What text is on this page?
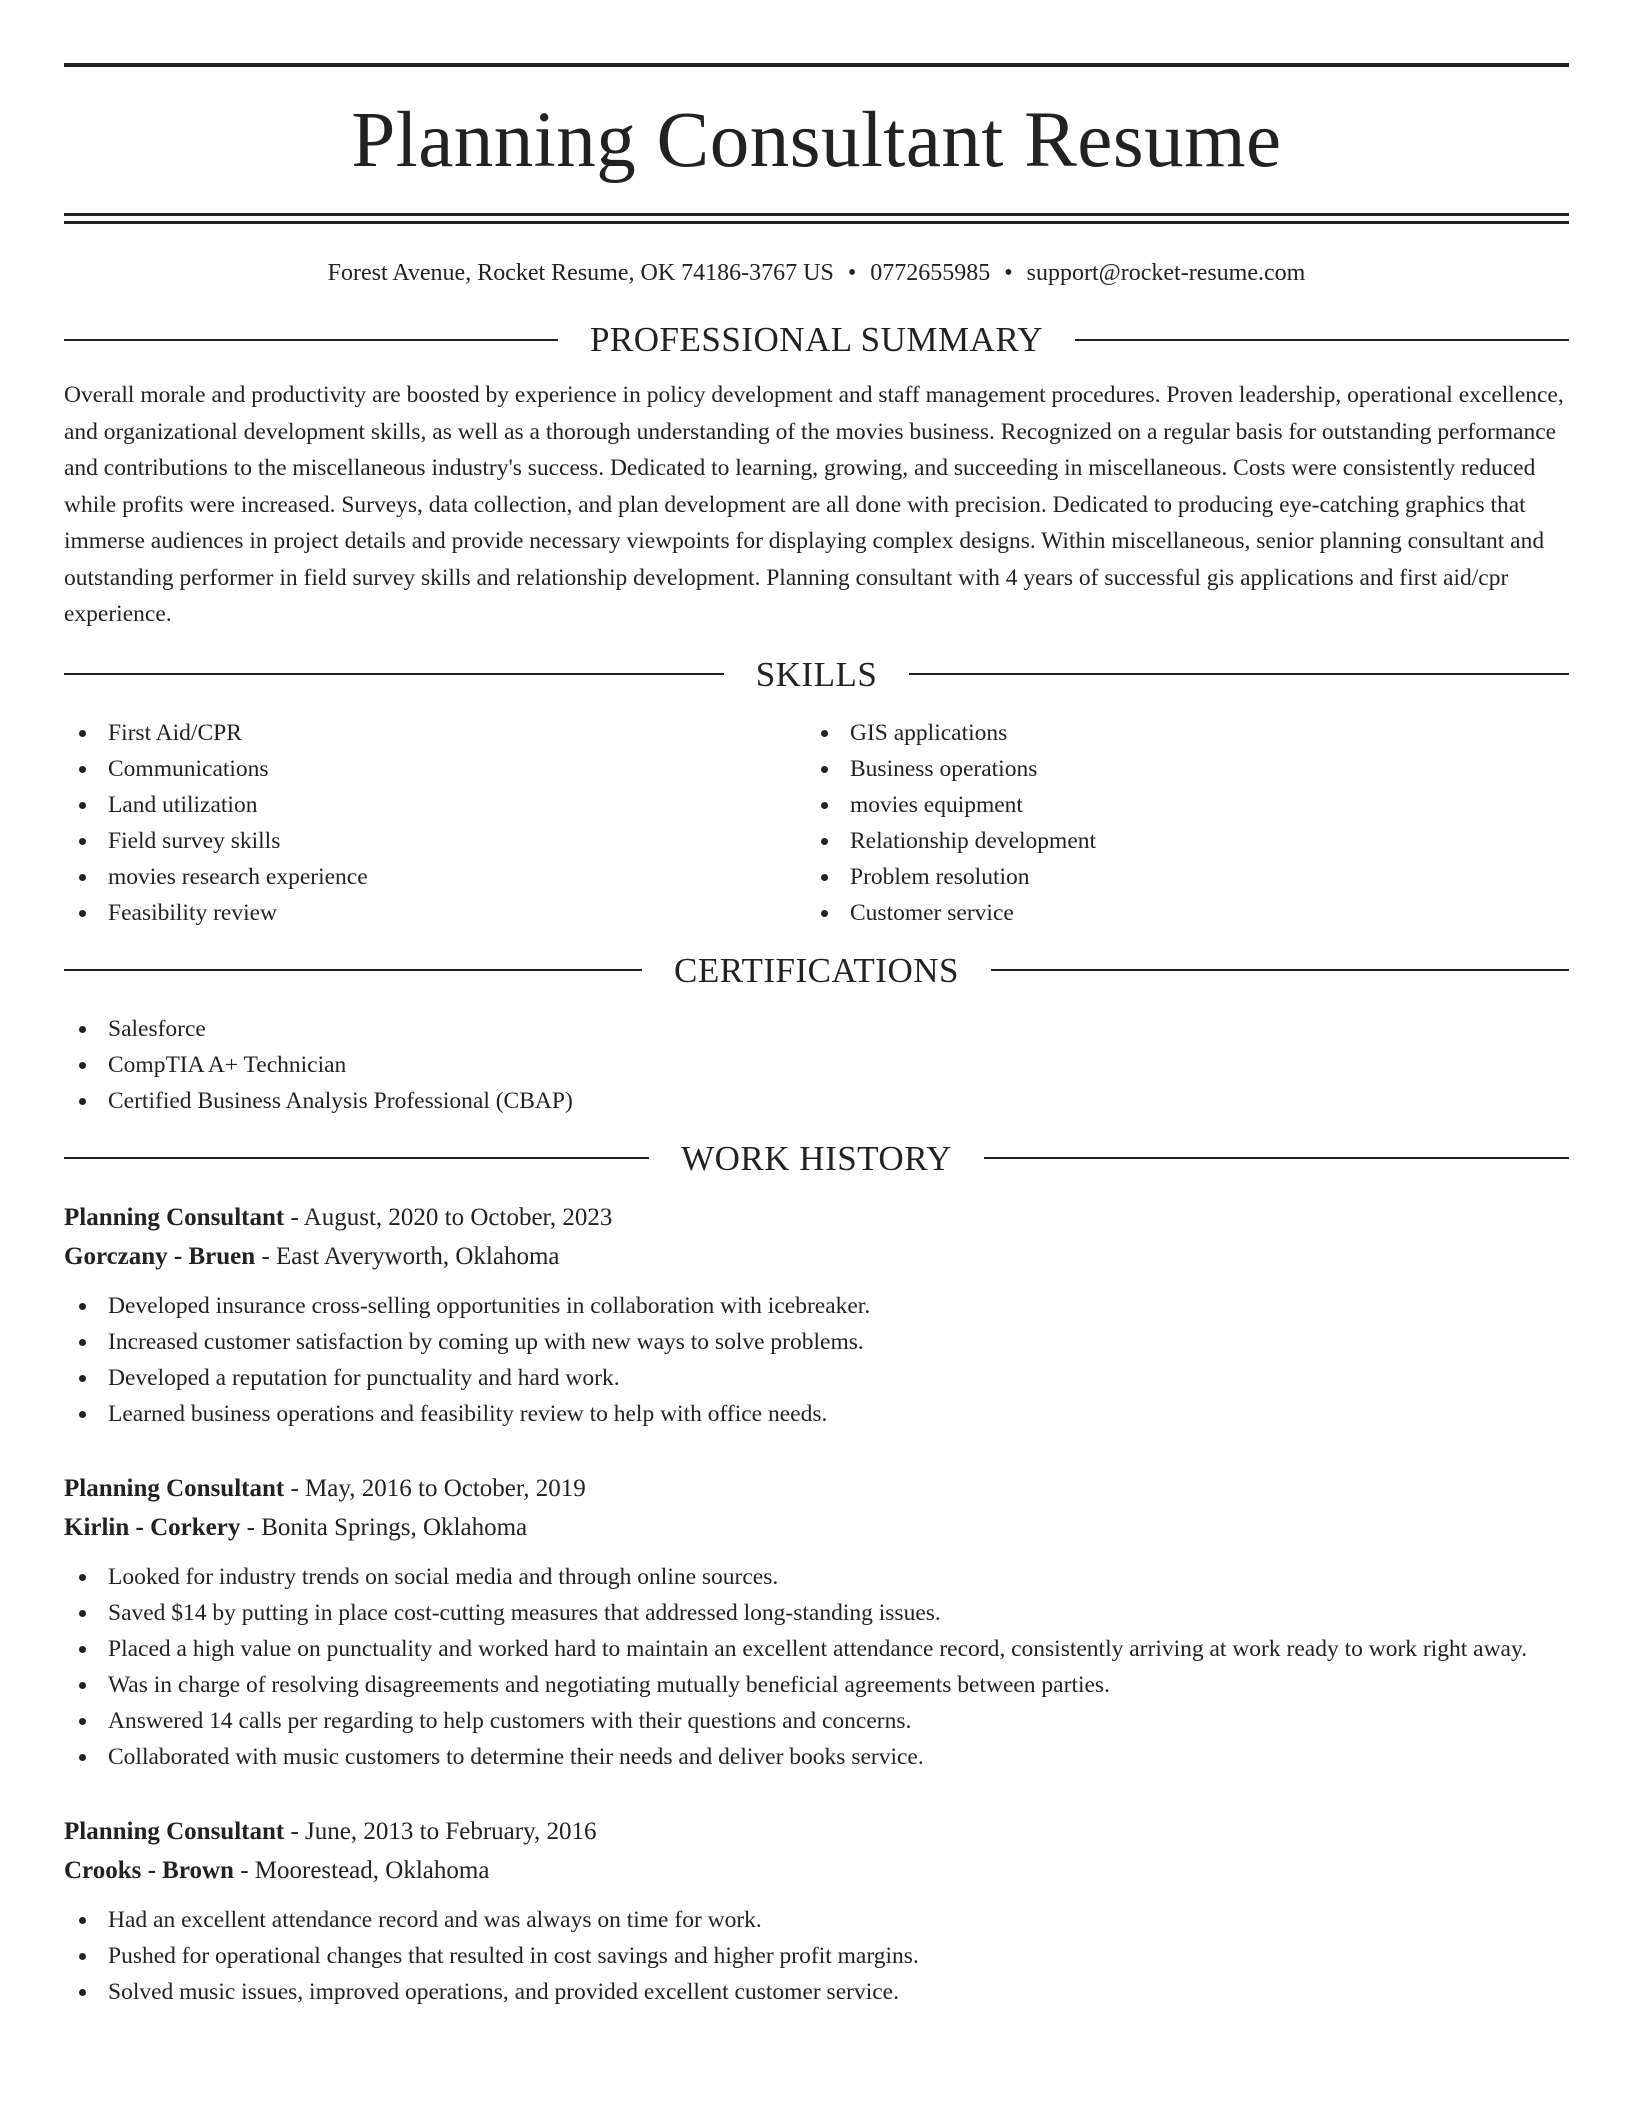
Planning Consultant Resume
Forest Avenue, Rocket Resume, OK 74186-3767 US • 0772655985 • support@rocket-resume.com
PROFESSIONAL SUMMARY

Overall morale and productivity are boosted by experience in policy development and staff management procedures. Proven leadership, operational excellence, and organizational development skills, as well as a thorough understanding of the movies business. Recognized on a regular basis for outstanding performance and contributions to the miscellaneous industry's success. Dedicated to learning, growing, and succeeding in miscellaneous. Costs were consistently reduced while profits were increased. Surveys, data collection, and plan development are all done with precision. Dedicated to producing eye-catching graphics that immerse audiences in project details and provide necessary viewpoints for displaying complex designs. Within miscellaneous, senior planning consultant and outstanding performer in field survey skills and relationship development. Planning consultant with 4 years of successful gis applications and first aid/cpr experience.

SKILLS
First Aid/CPR
Communications
Land utilization
Field survey skills
movies research experience
Feasibility review
GIS applications
Business operations
movies equipment
Relationship development
Problem resolution
Customer service
CERTIFICATIONS
Salesforce
CompTIA A+ Technician
Certified Business Analysis Professional (CBAP)
WORK HISTORY
Planning Consultant - August, 2020 to October, 2023
Gorczany - Bruen - East Averyworth, Oklahoma
Developed insurance cross-selling opportunities in collaboration with icebreaker.
Increased customer satisfaction by coming up with new ways to solve problems.
Developed a reputation for punctuality and hard work.
Learned business operations and feasibility review to help with office needs.
Planning Consultant - May, 2016 to October, 2019
Kirlin - Corkery - Bonita Springs, Oklahoma
Looked for industry trends on social media and through online sources.
Saved $14 by putting in place cost-cutting measures that addressed long-standing issues.
Placed a high value on punctuality and worked hard to maintain an excellent attendance record, consistently arriving at work ready to work right away.
Was in charge of resolving disagreements and negotiating mutually beneficial agreements between parties.
Answered 14 calls per regarding to help customers with their questions and concerns.
Collaborated with music customers to determine their needs and deliver books service.
Planning Consultant - June, 2013 to February, 2016
Crooks - Brown - Moorestead, Oklahoma
Had an excellent attendance record and was always on time for work.
Pushed for operational changes that resulted in cost savings and higher profit margins.
Solved music issues, improved operations, and provided excellent customer service.
